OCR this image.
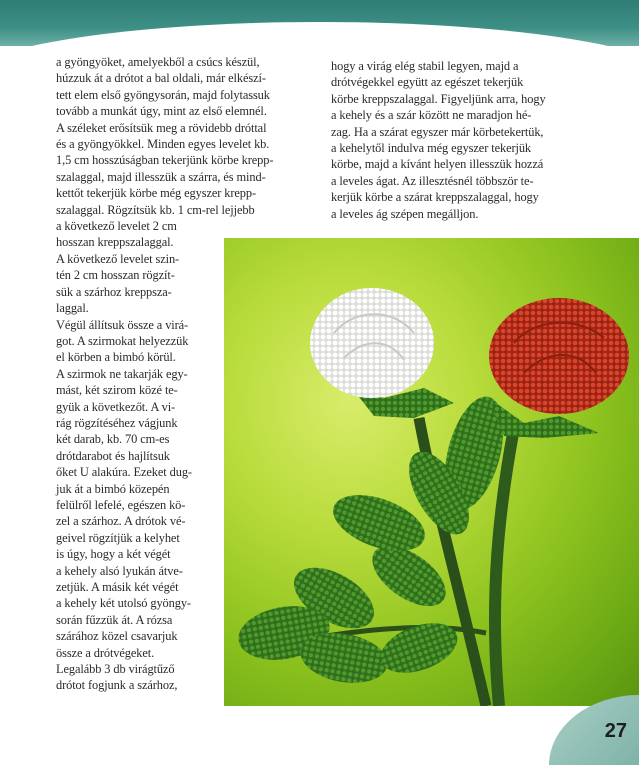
a gyöngyöket, amelyekből a csúcs készül,

húzzuk át a drótot a bal oldali, már elkészí-

tett elem első gyöngysorán, majd folytassuk

tovább a munkát úgy, mint az első elemnél.

A széleket erősítsük meg a rövidebb dróttal

és a gyöngyökkel. Minden egyes levelet kb.

1,5 cm hosszúságban tekerjünk körbe krepp-

szalaggal, majd illesszük a szárra, és mind-

kettőt tekerjük körbe még egyszer krepp-

szalaggal. Rögzítsük kb. 1 cm-rel lejjebb

a következő levelet 2 cm

hosszan kreppszalaggal.

A következő levelet szin-

tén 2 cm hosszan rögzít-

sük a szárhoz kreppsza-

laggal.

Végül állítsuk össze a virá-

got. A szirmokat helyezzük

el körben a bimbó körül.

A szirmok ne takarják egy-

mást, két szirom közé te-

gyük a következőt. A vi-

rág rögzítéséhez vágjunk

két darab, kb. 70 cm-es

drótdarabot és hajlítsuk

őket U alakúra. Ezeket dug-

juk át a bimbó közepén

felülről lefelé, egészen kö-

zel a szárhoz. A drótok vé-

geivel rögzítjük a kelyhet

is úgy, hogy a két végét

a kehely alsó lyukán átve-

zetjük. A másik két végét

a kehely két utolsó gyöngy-

során fűzzük át. A rózsa

szárához közel csavarjuk

össze a drótvégeket.

Legalább 3 db virágtűző

drótot fogjunk a szárhoz,

hogy a virág elég stabil legyen, majd a

drótvégekkel együtt az egészet tekerjük

körbe kreppszalaggal. Figyeljünk arra, hogy

a kehely és a szár között ne maradjon hé-

zag. Ha a szárat egyszer már körbetekertük,

a kehelytől indulva még egyszer tekerjük

körbe, majd a kívánt helyen illesszük hozzá

a leveles ágat. Az illesztésnél többször te-

kerjük körbe a szárat kreppszalaggal, hogy

a leveles ág szépen megálljon.

27
